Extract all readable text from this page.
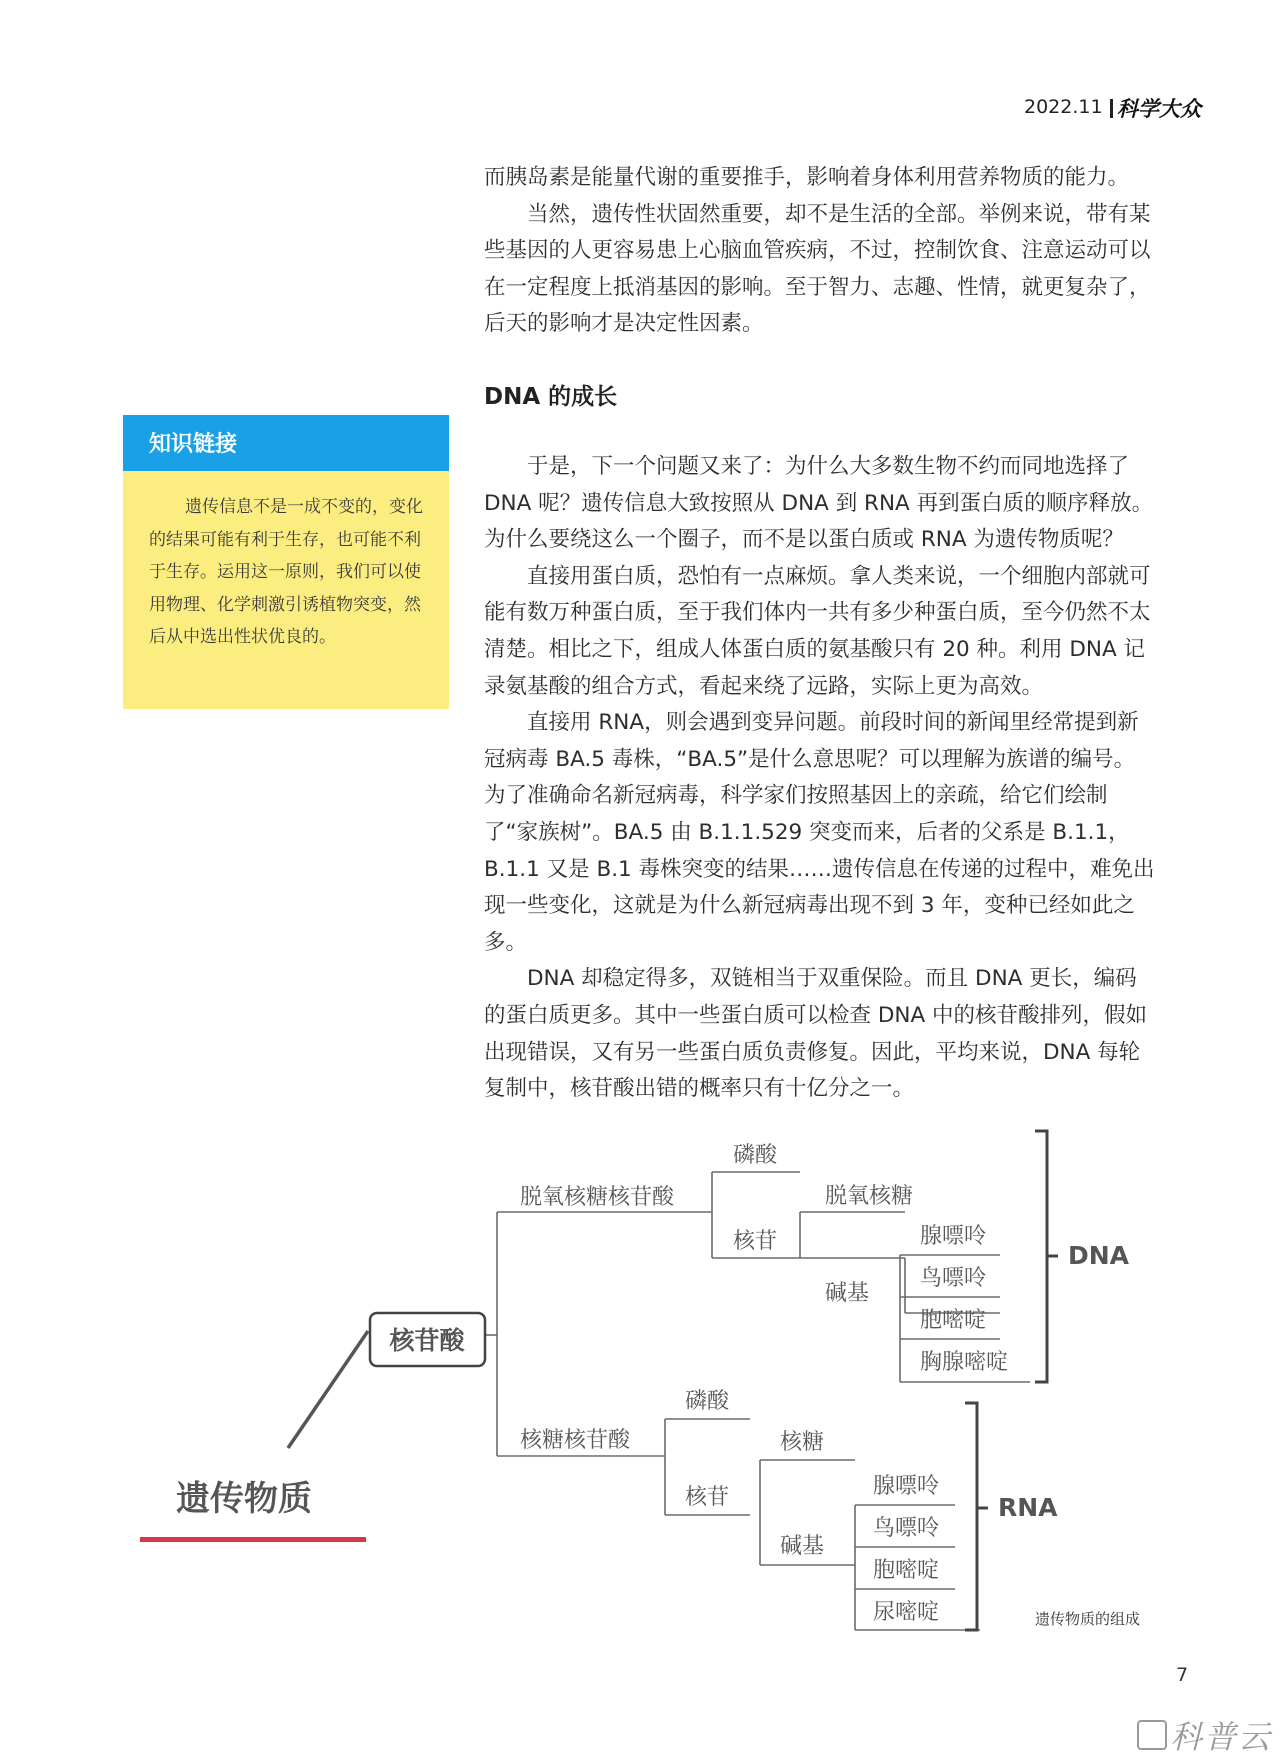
2022.11 科学大众

而胰岛素是能量代谢的重要推手，影响着身体利用营养物质的能力。

当然，遗传性状固然重要，却不是生活的全部。举例来说，带有某些基因的人更容易患上心脑血管疾病，不过，控制饮食、注意运动可以在一定程度上抵消基因的影响。至于智力、志趣、性情，就更复杂了，后天的影响才是决定性因素。

DNA 的成长

于是，下一个问题又来了：为什么大多数生物不约而同地选择了 DNA 呢？遗传信息大致按照从 DNA 到 RNA 再到蛋白质的顺序释放。为什么要绕这么一个圈子，而不是以蛋白质或 RNA 为遗传物质呢？

直接用蛋白质，恐怕有一点麻烦。拿人类来说，一个细胞内部就可能有数万种蛋白质，至于我们体内一共有多少种蛋白质，至今仍然不太清楚。相比之下，组成人体蛋白质的氨基酸只有 20 种。利用 DNA 记录氨基酸的组合方式，看起来绕了远路，实际上更为高效。

直接用 RNA，则会遇到变异问题。前段时间的新闻里经常提到新冠病毒 BA.5 毒株，“BA.5”是什么意思呢？可以理解为族谱的编号。为了准确命名新冠病毒，科学家们按照基因上的亲疏，给它们绘制了“家族树”。BA.5 由 B.1.1.529 突变而来，后者的父系是 B.1.1，B.1.1 又是 B.1 毒株突变的结果……遗传信息在传递的过程中，难免出现一些变化，这就是为什么新冠病毒出现不到 3 年，变种已经如此之多。

DNA 却稳定得多，双链相当于双重保险。而且 DNA 更长，编码的蛋白质更多。其中一些蛋白质可以检查 DNA 中的核苷酸排列，假如出现错误，又有另一些蛋白质负责修复。因此，平均来说，DNA 每轮复制中，核苷酸出错的概率只有十亿分之一。

知识链接

遗传信息不是一成不变的，变化的结果可能有利于生存，也可能不利于生存。运用这一原则，我们可以使用物理、化学刺激引诱植物突变，然后从中选出性状优良的。

核苷酸
遗传物质
脱氧核糖核苷酸
磷酸
核苷
脱氧核糖
碱基
腺嘌呤
鸟嘌呤
胞嘧啶
胸腺嘧啶
DNA
核糖核苷酸
磷酸
核苷
核糖
碱基
腺嘌呤
鸟嘌呤
胞嘧啶
尿嘧啶
RNA
遗传物质的组成
7
科普云
